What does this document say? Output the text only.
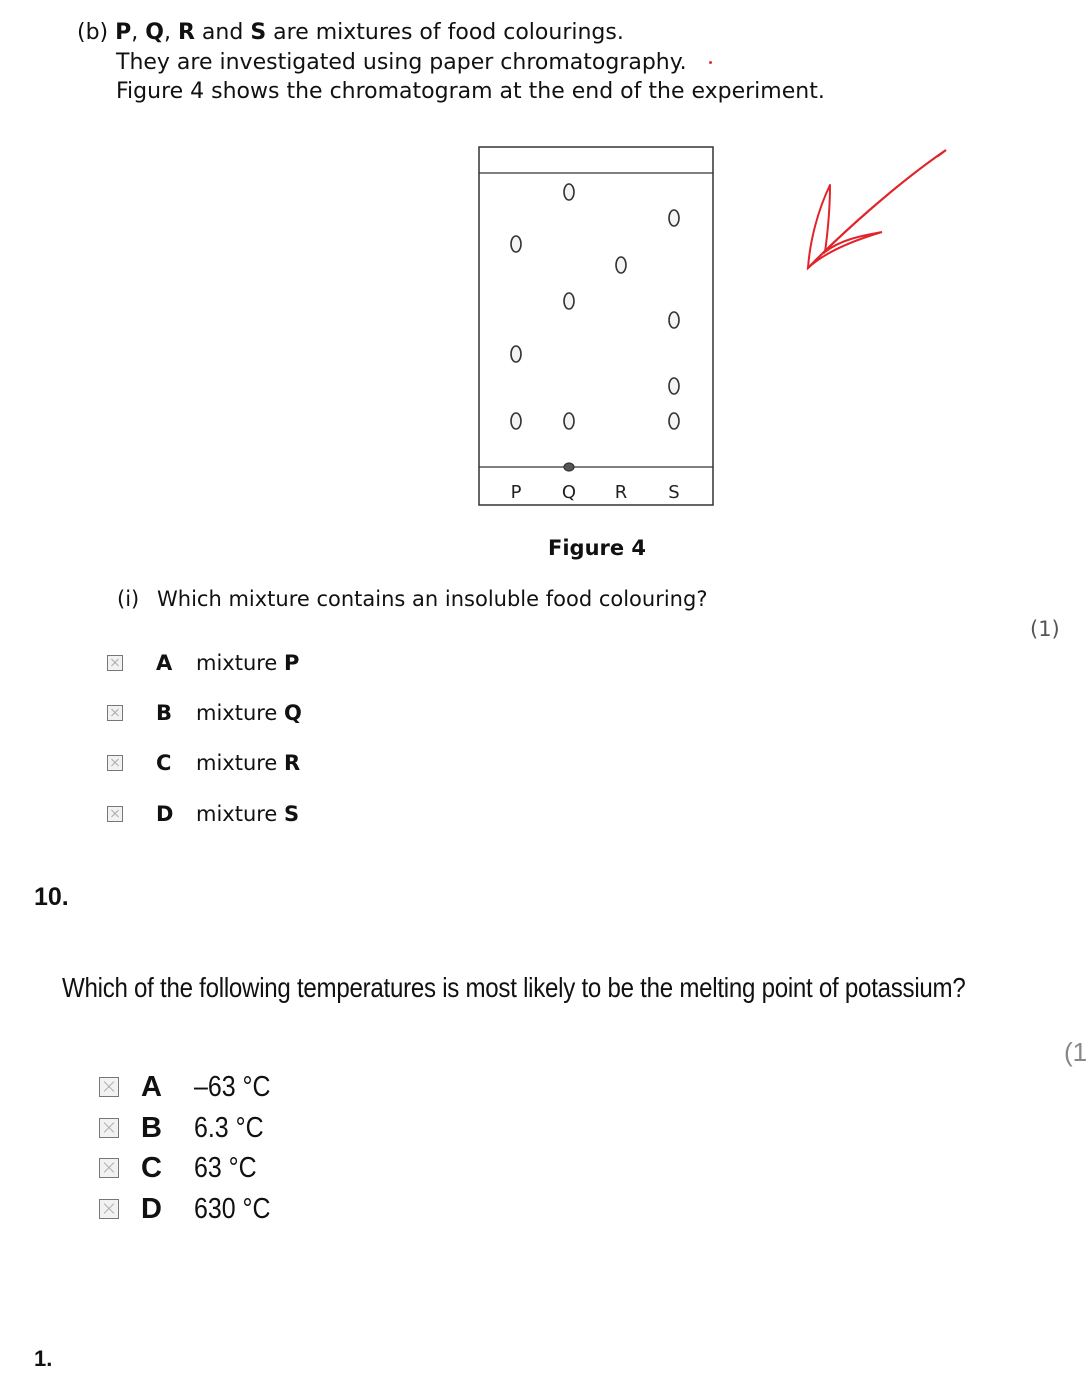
(b) P, Q, R and S are mixtures of food colourings.
They are investigated using paper chromatography.
Figure 4 shows the chromatogram at the end of the experiment.
P Q R S
Figure 4
(i) Which mixture contains an insoluble food colouring?
(1)
A	mixture P
B	mixture Q
C	mixture R
D	mixture S
10.
Which of the following temperatures is most likely to be the melting point of potassium?
(1
A	–63 °C
B	6.3 °C
C	63 °C
D	630 °C
1.
